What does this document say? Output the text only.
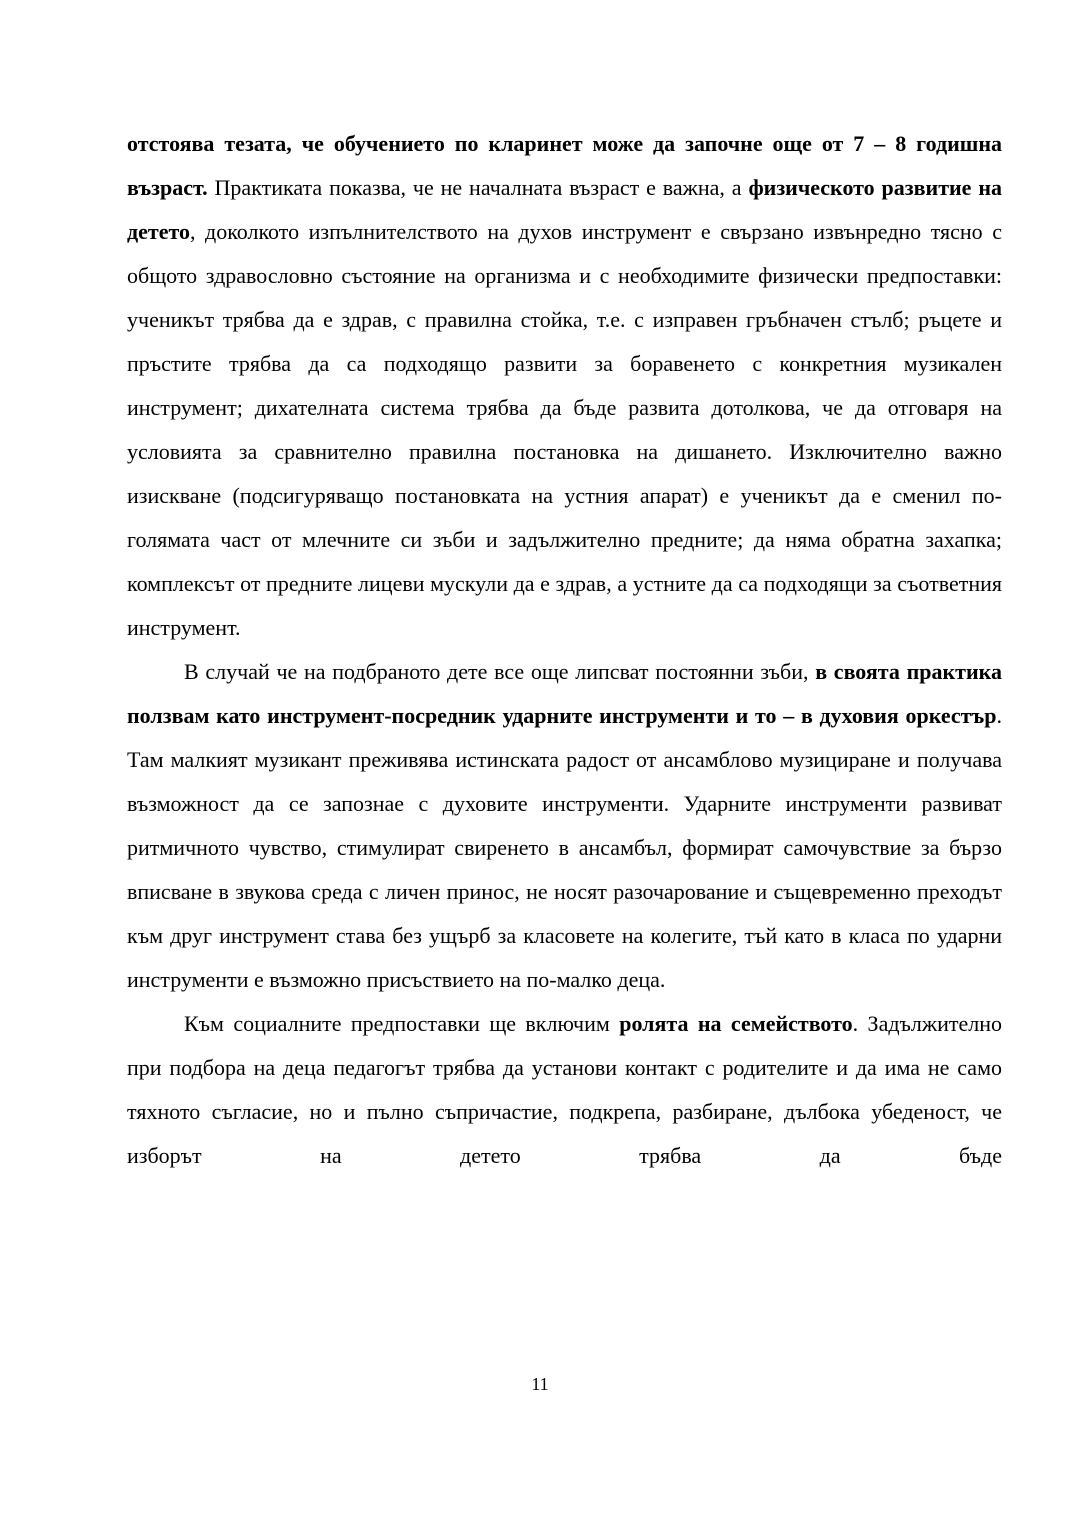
отстоява тезата, че обучението по кларинет може да започне още от 7 – 8 годишна възраст. Практиката показва, че не началната възраст е важна, а физическото развитие на детето, доколкото изпълнителството на духов инструмент е свързано извънредно тясно с общото здравословно състояние на организма и с необходимите физически предпоставки: ученикът трябва да е здрав, с правилна стойка, т.е. с изправен гръбначен стълб; ръцете и пръстите трябва да са подходящо развити за боравенето с конкретния музикален инструмент; дихателната система трябва да бъде развита дотолкова, че да отговаря на условията за сравнително правилна постановка на дишането. Изключително важно изискване (подсигуряващо постановката на устния апарат) е ученикът да е сменил по-голямата част от млечните си зъби и задължително предните; да няма обратна захапка; комплексът от предните лицеви мускули да е здрав, а устните да са подходящи за съответния инструмент.

В случай че на подбраното дете все още липсват постоянни зъби, в своята практика ползвам като инструмент-посредник ударните инструменти и то – в духовия оркестър. Там малкият музикант преживява истинската радост от ансамблово музициране и получава възможност да се запознае с духовите инструменти. Ударните инструменти развиват ритмичното чувство, стимулират свиренето в ансамбъл, формират самочувствие за бързо вписване в звукова среда с личен принос, не носят разочарование и същевременно преходът към друг инструмент става без ущърб за класовете на колегите, тъй като в класа по ударни инструменти е възможно присъствието на по-малко деца.

Към социалните предпоставки ще включим ролята на семейството. Задължително при подбора на деца педагогът трябва да установи контакт с родителите и да има не само тяхното съгласие, но и пълно съпричастие, подкрепа, разбиране, дълбока убеденост, че изборът на детето трябва да бъде

11
